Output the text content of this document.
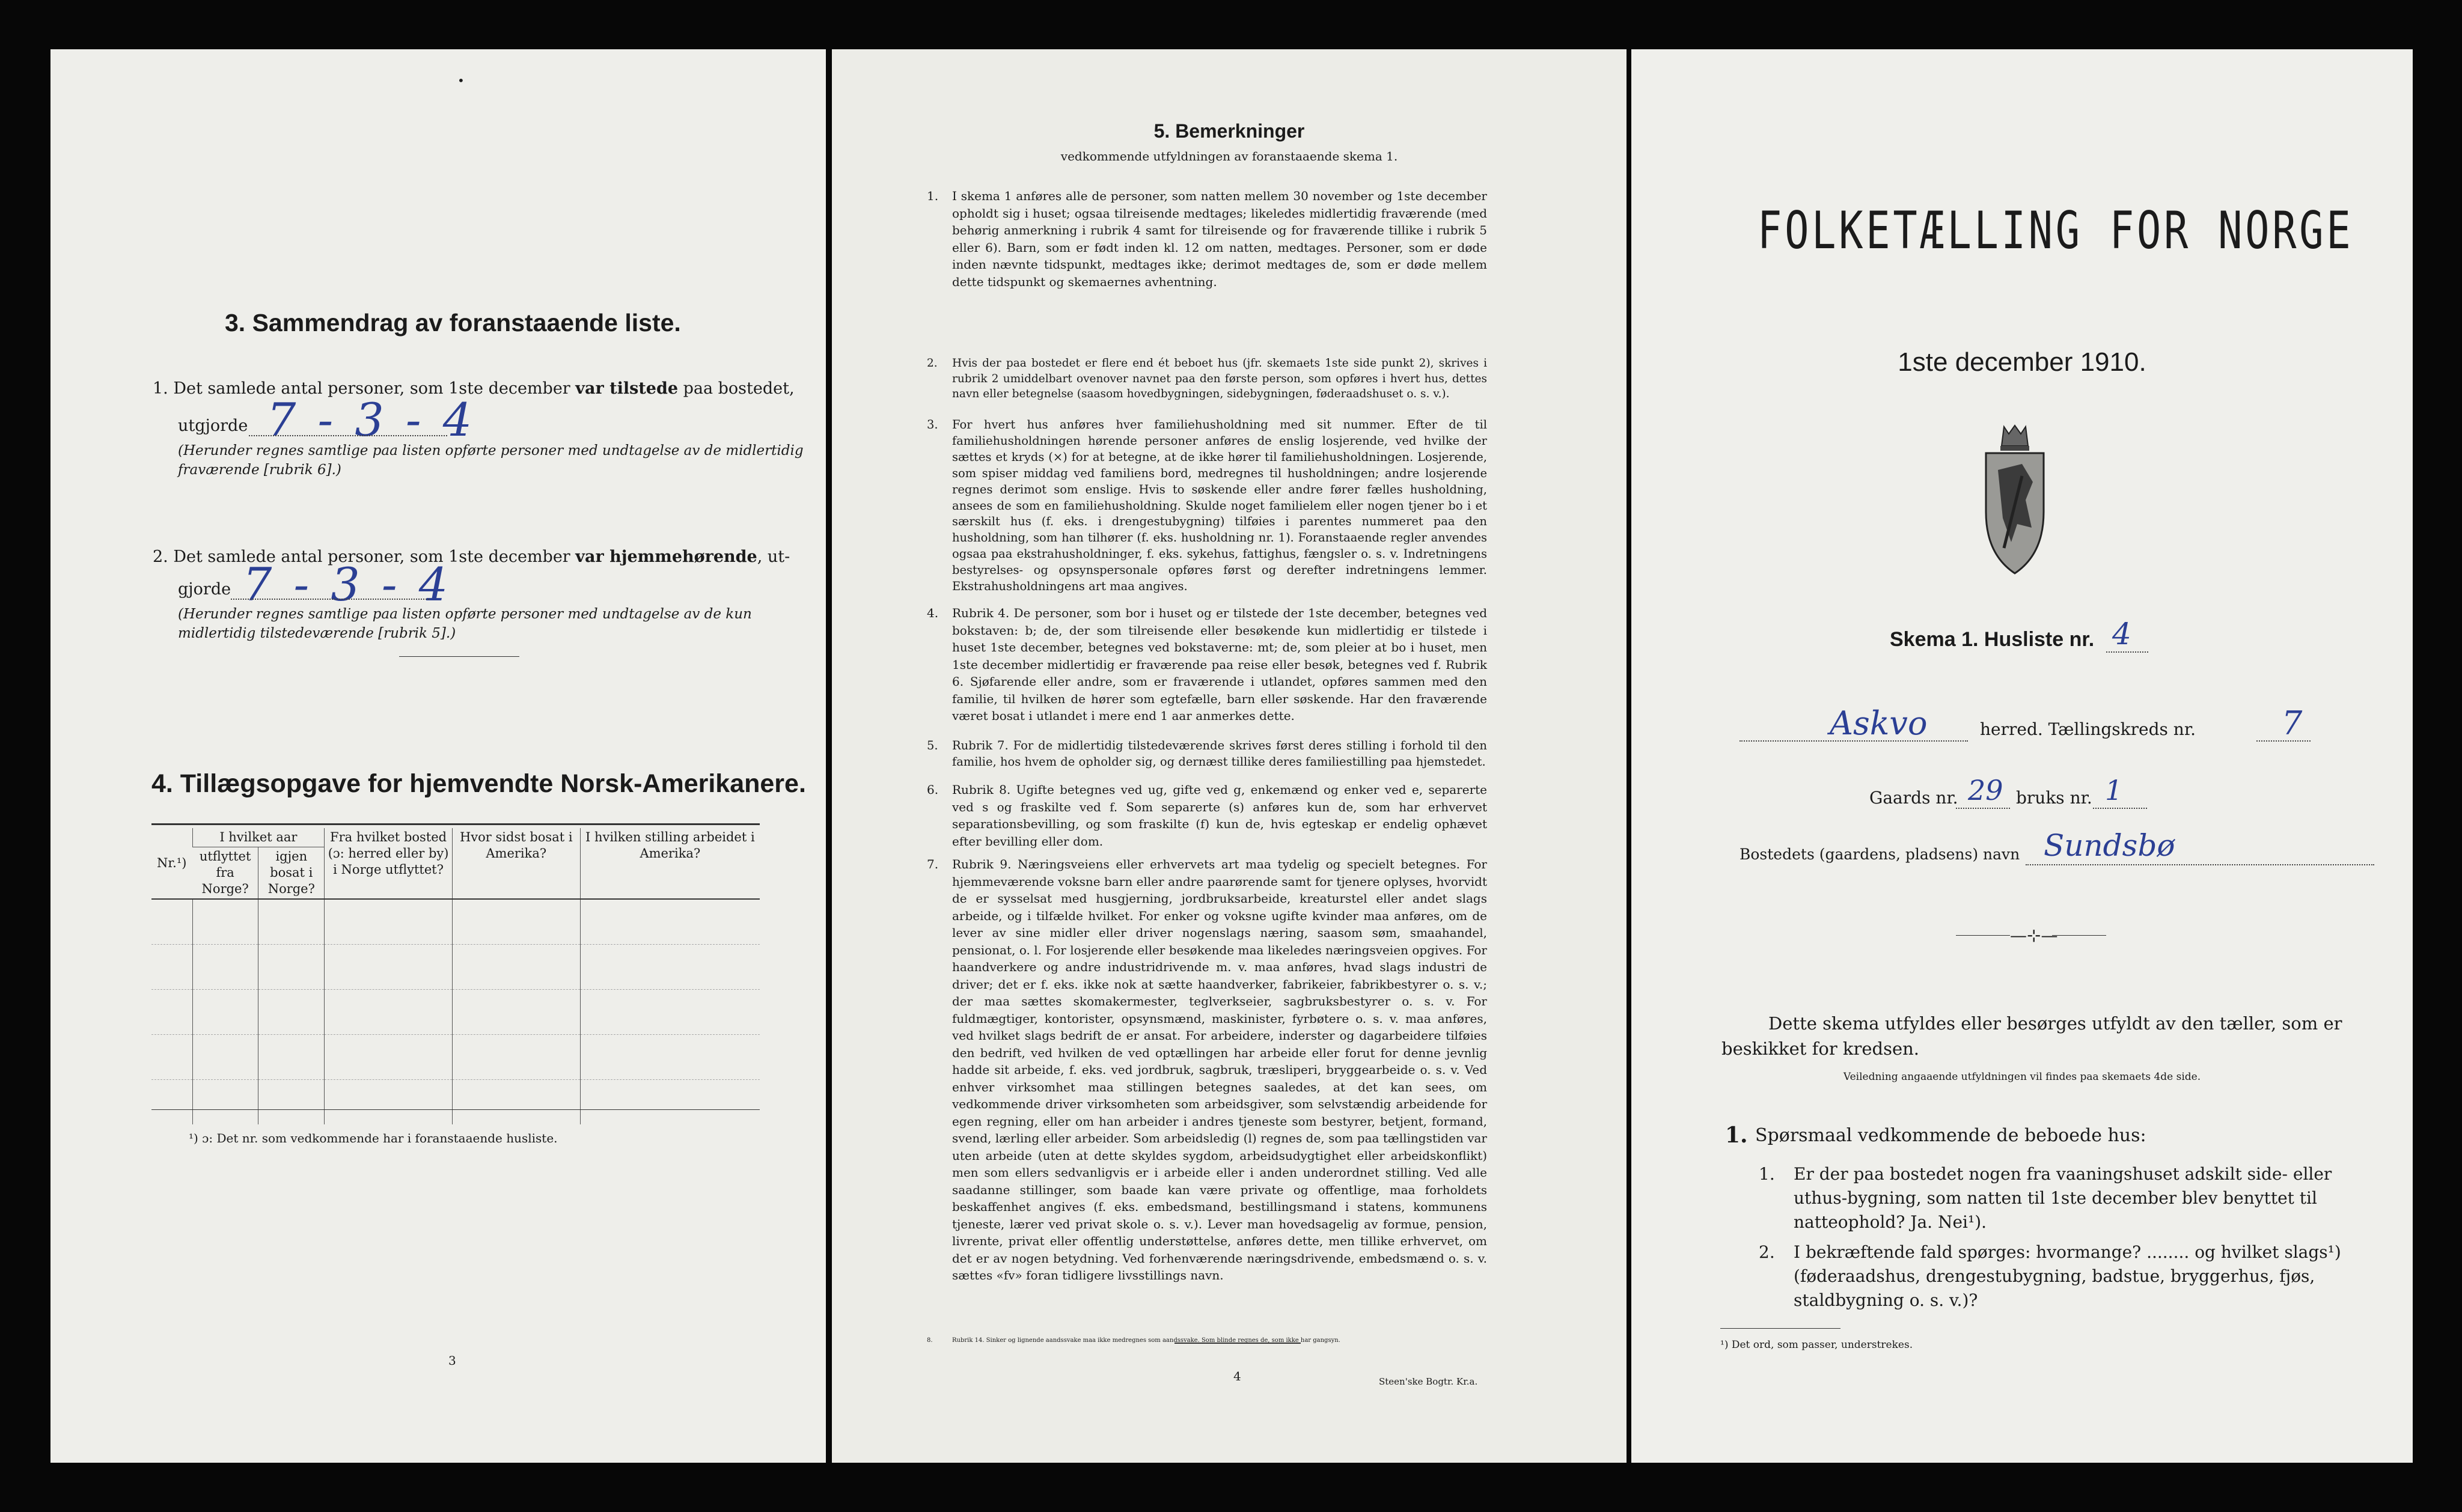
•
3. Sammendrag av foranstaaende liste.
1. Det samlede antal personer, som 1ste december var tilstede paa bostedet,
utgjorde 7 - 3 - 4
(Herunder regnes samtlige paa listen opførte personer med undtagelse av de midlertidig fraværende [rubrik 6].)
2. Det samlede antal personer, som 1ste december var hjemmehørende, ut-
gjorde 7 - 3 - 4
(Herunder regnes samtlige paa listen opførte personer med undtagelse av de kun midlertidig tilstedeværende [rubrik 5].)
4. Tillægsopgave for hjemvendte Norsk-Amerikanere.
Nr.¹)	I hvilket aar		Fra hvilket bosted (ɔ: herred eller by) i Norge utflyttet?	Hvor sidst bosat i Amerika?	I hvilken stilling arbeidet i Amerika?
	utflyttet fra Norge?	igjen bosat i Norge?			

¹) ɔ: Det nr. som vedkommende har i foranstaaende husliste.
3
5. Bemerkninger
vedkommende utfyldningen av foranstaaende skema 1.
1. I skema 1 anføres alle de personer, som natten mellem 30 november og 1ste december opholdt sig i huset; ogsaa tilreisende medtages; likeledes midlertidig fraværende (med behørig anmerkning i rubrik 4 samt for tilreisende og for fraværende tillike i rubrik 5 eller 6). Barn, som er født inden kl. 12 om natten, medtages. Personer, som er døde inden nævnte tidspunkt, medtages ikke; derimot medtages de, som er døde mellem dette tidspunkt og skemaernes avhentning.
2. Hvis der paa bostedet er flere end ét beboet hus (jfr. skemaets 1ste side punkt 2), skrives i rubrik 2 umiddelbart ovenover navnet paa den første person, som opføres i hvert hus, dettes navn eller betegnelse (saasom hovedbygningen, sidebygningen, føderaadshuset o. s. v.).
3. For hvert hus anføres hver familiehusholdning med sit nummer. Efter de til familiehusholdningen hørende personer anføres de enslig losjerende, ved hvilke der sættes et kryds (×) for at betegne, at de ikke hører til familiehusholdningen. Losjerende, som spiser middag ved familiens bord, medregnes til husholdningen; andre losjerende regnes derimot som enslige. Hvis to søskende eller andre fører fælles husholdning, ansees de som en familiehusholdning. Skulde noget familielem eller nogen tjener bo i et særskilt hus (f. eks. i drengestubygning) tilføies i parentes nummeret paa den husholdning, som han tilhører (f. eks. husholdning nr. 1). Foranstaaende regler anvendes ogsaa paa ekstrahusholdninger, f. eks. sykehus, fattighus, fængsler o. s. v. Indretningens bestyrelses- og opsynspersonale opføres først og derefter indretningens lemmer. Ekstrahusholdningens art maa angives.
4. Rubrik 4. De personer, som bor i huset og er tilstede der 1ste december, betegnes ved bokstaven: b; de, der som tilreisende eller besøkende kun midlertidig er tilstede i huset 1ste december, betegnes ved bokstaverne: mt; de, som pleier at bo i huset, men 1ste december midlertidig er fraværende paa reise eller besøk, betegnes ved f. Rubrik 6. Sjøfarende eller andre, som er fraværende i utlandet, opføres sammen med den familie, til hvilken de hører som egtefælle, barn eller søskende. Har den fraværende været bosat i utlandet i mere end 1 aar anmerkes dette.
5. Rubrik 7. For de midlertidig tilstedeværende skrives først deres stilling i forhold til den familie, hos hvem de opholder sig, og dernæst tillike deres familiestilling paa hjemstedet.
6. Rubrik 8. Ugifte betegnes ved ug, gifte ved g, enkemænd og enker ved e, separerte ved s og fraskilte ved f. Som separerte (s) anføres kun de, som har erhvervet separationsbevilling, og som fraskilte (f) kun de, hvis egteskap er endelig ophævet efter bevilling eller dom.
7. Rubrik 9. Næringsveiens eller erhvervets art maa tydelig og specielt betegnes. For hjemmeværende voksne barn eller andre paarørende samt for tjenere oplyses, hvorvidt de er sysselsat med husgjerning, jordbruksarbeide, kreaturstel eller andet slags arbeide, og i tilfælde hvilket. For enker og voksne ugifte kvinder maa anføres, om de lever av sine midler eller driver nogenslags næring, saasom søm, smaahandel, pensionat, o. l. For losjerende eller besøkende maa likeledes næringsveien opgives. For haandverkere og andre industridrivende m. v. maa anføres, hvad slags industri de driver; det er f. eks. ikke nok at sætte haandverker, fabrikeier, fabrikbestyrer o. s. v.; der maa sættes skomakermester, teglverkseier, sagbruksbestyrer o. s. v. For fuldmægtiger, kontorister, opsynsmænd, maskinister, fyrbøtere o. s. v. maa anføres, ved hvilket slags bedrift de er ansat. For arbeidere, inderster og dagarbeidere tilføies den bedrift, ved hvilken de ved optællingen har arbeide eller forut for denne jevnlig hadde sit arbeide, f. eks. ved jordbruk, sagbruk, træsliperi, bryggearbeide o. s. v. Ved enhver virksomhet maa stillingen betegnes saaledes, at det kan sees, om vedkommende driver virksomheten som arbeidsgiver, som selvstændig arbeidende for egen regning, eller om han arbeider i andres tjeneste som bestyrer, betjent, formand, svend, lærling eller arbeider. Som arbeidsledig (l) regnes de, som paa tællingstiden var uten arbeide (uten at dette skyldes sygdom, arbeidsudygtighet eller arbeidskonflikt) men som ellers sedvanligvis er i arbeide eller i anden underordnet stilling. Ved alle saadanne stillinger, som baade kan være private og offentlige, maa forholdets beskaffenhet angives (f. eks. embedsmand, bestillingsmand i statens, kommunens tjeneste, lærer ved privat skole o. s. v.). Lever man hovedsagelig av formue, pension, livrente, privat eller offentlig understøttelse, anføres dette, men tillike erhvervet, om det er av nogen betydning. Ved forhenværende næringsdrivende, embedsmænd o. s. v. sættes «fv» foran tidligere livsstillings navn.
8.	Rubrik 14. Sinker og lignende aandssvake maa ikke medregnes som aandssvake. Som blinde regnes de, som ikke har gangsyn.
4	Steen'ske Bogtr. Kr.a.
FOLKETÆLLING FOR NORGE
1ste december 1910.
Skema 1. Husliste nr. 4
Askvo	herred. Tællingskreds nr.	7
Gaards nr. 29 bruks nr. 1
Bostedets (gaardens, pladsens) navn Sundsbø
—⊹—
Dette skema utfyldes eller besørges utfyldt av den tæller, som er beskikket for kredsen.
Veiledning angaaende utfyldningen vil findes paa skemaets 4de side.
1. Spørsmaal vedkommende de beboede hus:
1. Er der paa bostedet nogen fra vaaningshuset adskilt side- eller uthus-bygning, som natten til 1ste december blev benyttet til natteophold? Ja. Nei¹).
2. I bekræftende fald spørges: hvormange? ........ og hvilket slags¹) (føderaadshus, drengestubygning, badstue, bryggerhus, fjøs, staldbygning o. s. v.)?
¹) Det ord, som passer, understrekes.
